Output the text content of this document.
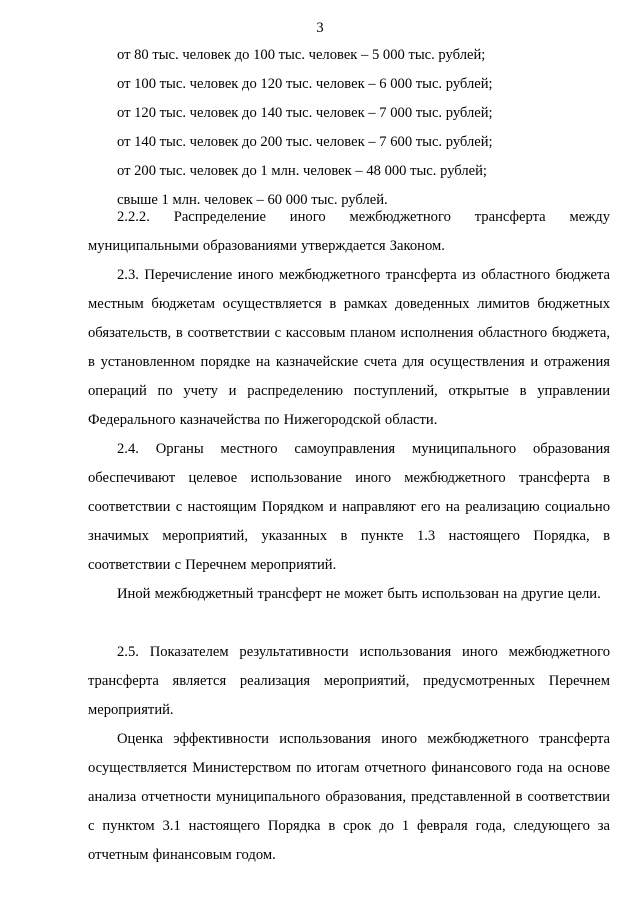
3
от 80 тыс. человек до 100 тыс. человек – 5 000 тыс. рублей;
от 100 тыс. человек до 120 тыс. человек – 6 000 тыс. рублей;
от 120 тыс. человек до 140 тыс. человек – 7 000 тыс. рублей;
от 140 тыс. человек до 200 тыс. человек – 7 600 тыс. рублей;
от 200 тыс. человек до 1 млн. человек – 48 000 тыс. рублей;
свыше 1 млн. человек – 60 000 тыс. рублей.
2.2.2. Распределение иного межбюджетного трансферта между муниципальными образованиями утверждается Законом.
2.3. Перечисление иного межбюджетного трансферта из областного бюджета местным бюджетам осуществляется в рамках доведенных лимитов бюджетных обязательств, в соответствии с кассовым планом исполнения областного бюджета, в установленном порядке на казначейские счета для осуществления и отражения операций по учету и распределению поступлений, открытые в управлении Федерального казначейства по Нижегородской области.
2.4. Органы местного самоуправления муниципального образования обеспечивают целевое использование иного межбюджетного трансферта в соответствии с настоящим Порядком и направляют его на реализацию социально значимых мероприятий, указанных в пункте 1.3 настоящего Порядка, в соответствии с Перечнем мероприятий.
Иной межбюджетный трансферт не может быть использован на другие цели.
2.5. Показателем результативности использования иного межбюджетного трансферта является реализация мероприятий, предусмотренных Перечнем мероприятий.
Оценка эффективности использования иного межбюджетного трансферта осуществляется Министерством по итогам отчетного финансового года на основе анализа отчетности муниципального образования, представленной в соответствии с пунктом 3.1 настоящего Порядка в срок до 1 февраля года, следующего за отчетным финансовым годом.
